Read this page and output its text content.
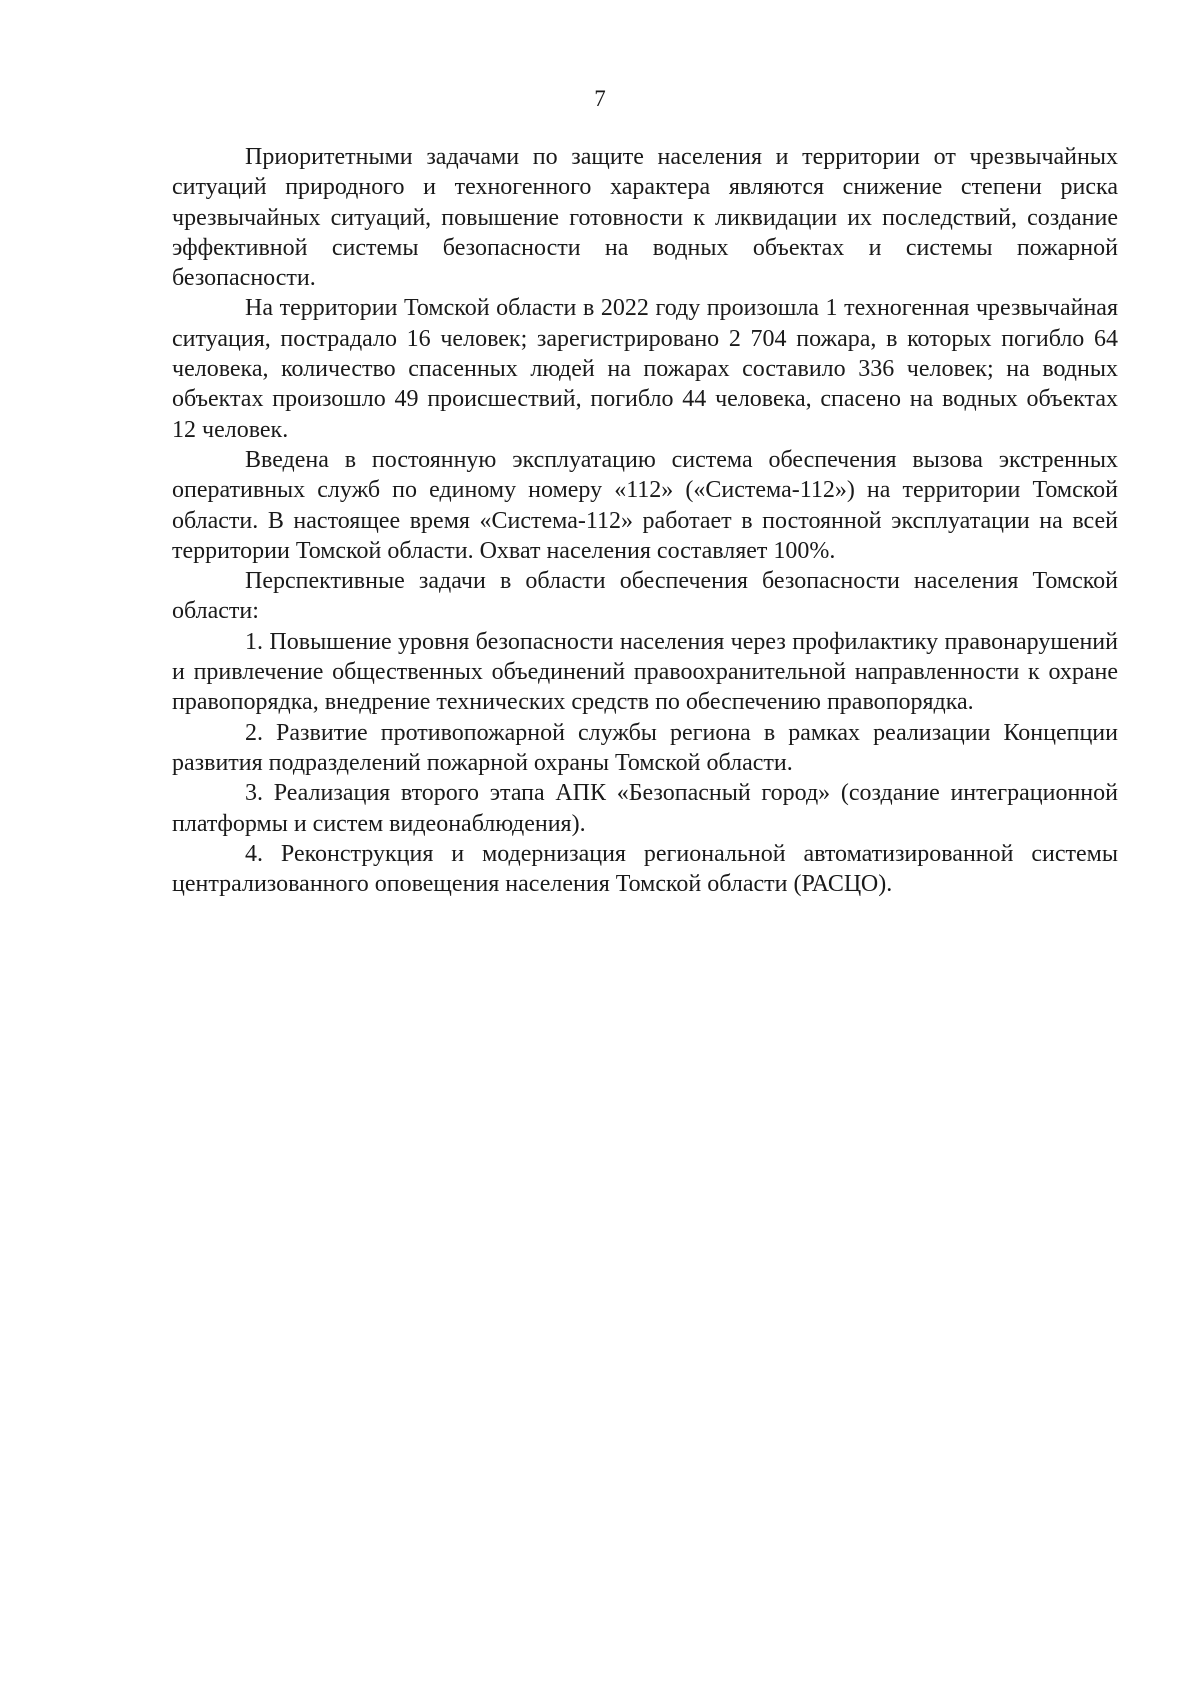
7

Приоритетными задачами по защите населения и территории от чрезвычайных ситуаций природного и техногенного характера являются снижение степени риска чрезвычайных ситуаций, повышение готовности к ликвидации их последствий, создание эффективной системы безопасности на водных объектах и системы пожарной безопасности.

На территории Томской области в 2022 году произошла 1 техногенная чрезвычайная ситуация, пострадало 16 человек; зарегистрировано 2 704 пожара, в которых погибло 64 человека, количество спасенных людей на пожарах составило 336 человек; на водных объектах произошло 49 происшествий, погибло 44 человека, спасено на водных объектах 12 человек.

Введена в постоянную эксплуатацию система обеспечения вызова экстренных оперативных служб по единому номеру «112» («Система-112») на территории Томской области. В настоящее время «Система-112» работает в постоянной эксплуатации на всей территории Томской области. Охват населения составляет 100%.

Перспективные задачи в области обеспечения безопасности населения Томской области:

1. Повышение уровня безопасности населения через профилактику правонарушений и привлечение общественных объединений правоохранительной направленности к охране правопорядка, внедрение технических средств по обеспечению правопорядка.

2. Развитие противопожарной службы региона в рамках реализации Концепции развития подразделений пожарной охраны Томской области.

3. Реализация второго этапа АПК «Безопасный город» (создание интеграционной платформы и систем видеонаблюдения).

4. Реконструкция и модернизация региональной автоматизированной системы централизованного оповещения населения Томской области (РАСЦО).
